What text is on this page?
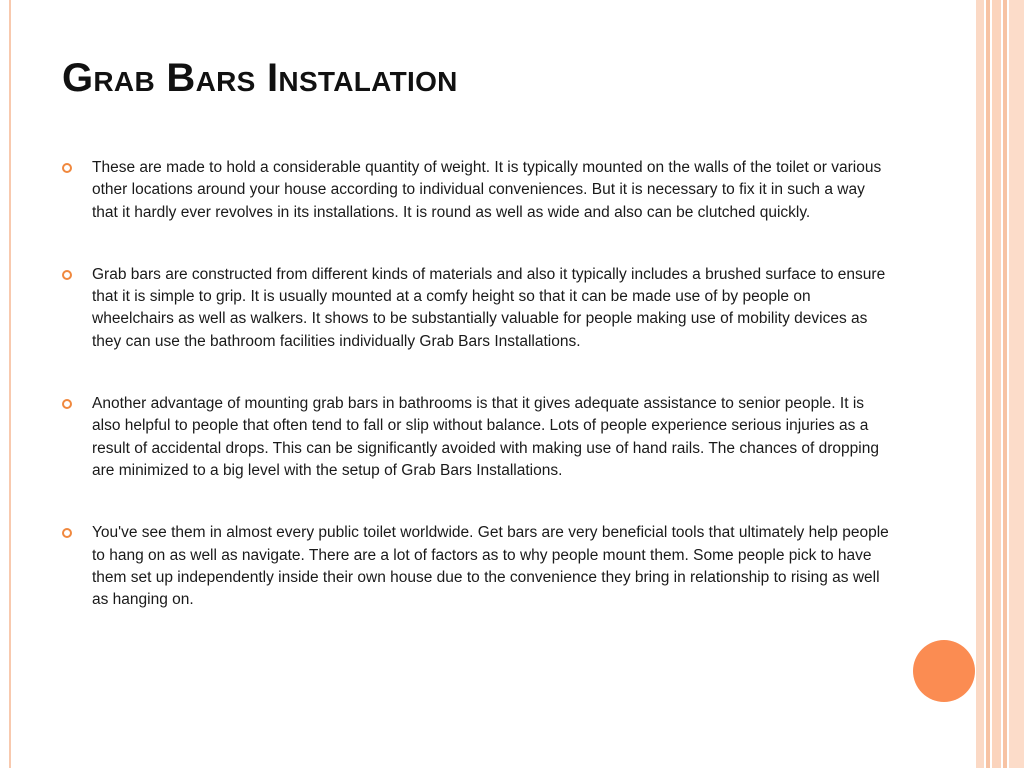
Grab Bars Instalation
These are made to hold a considerable quantity of weight. It is typically mounted on the walls of the toilet or various other locations around your house according to individual conveniences. But it is necessary to fix it in such a way that it hardly ever revolves in its installations. It is round as well as wide and also can be clutched quickly.
Grab bars are constructed from different kinds of materials and also it typically includes a brushed surface to ensure that it is simple to grip. It is usually mounted at a comfy height so that it can be made use of by people on wheelchairs as well as walkers. It shows to be substantially valuable for people making use of mobility devices as they can use the bathroom facilities individually Grab Bars Installations.
Another advantage of mounting grab bars in bathrooms is that it gives adequate assistance to senior people. It is also helpful to people that often tend to fall or slip without balance. Lots of people experience serious injuries as a result of accidental drops. This can be significantly avoided with making use of hand rails. The chances of dropping are minimized to a big level with the setup of Grab Bars Installations.
You've see them in almost every public toilet worldwide. Get bars are very beneficial tools that ultimately help people to hang on as well as navigate. There are a lot of factors as to why people mount them. Some people pick to have them set up independently inside their own house due to the convenience they bring in relationship to rising as well as hanging on.
